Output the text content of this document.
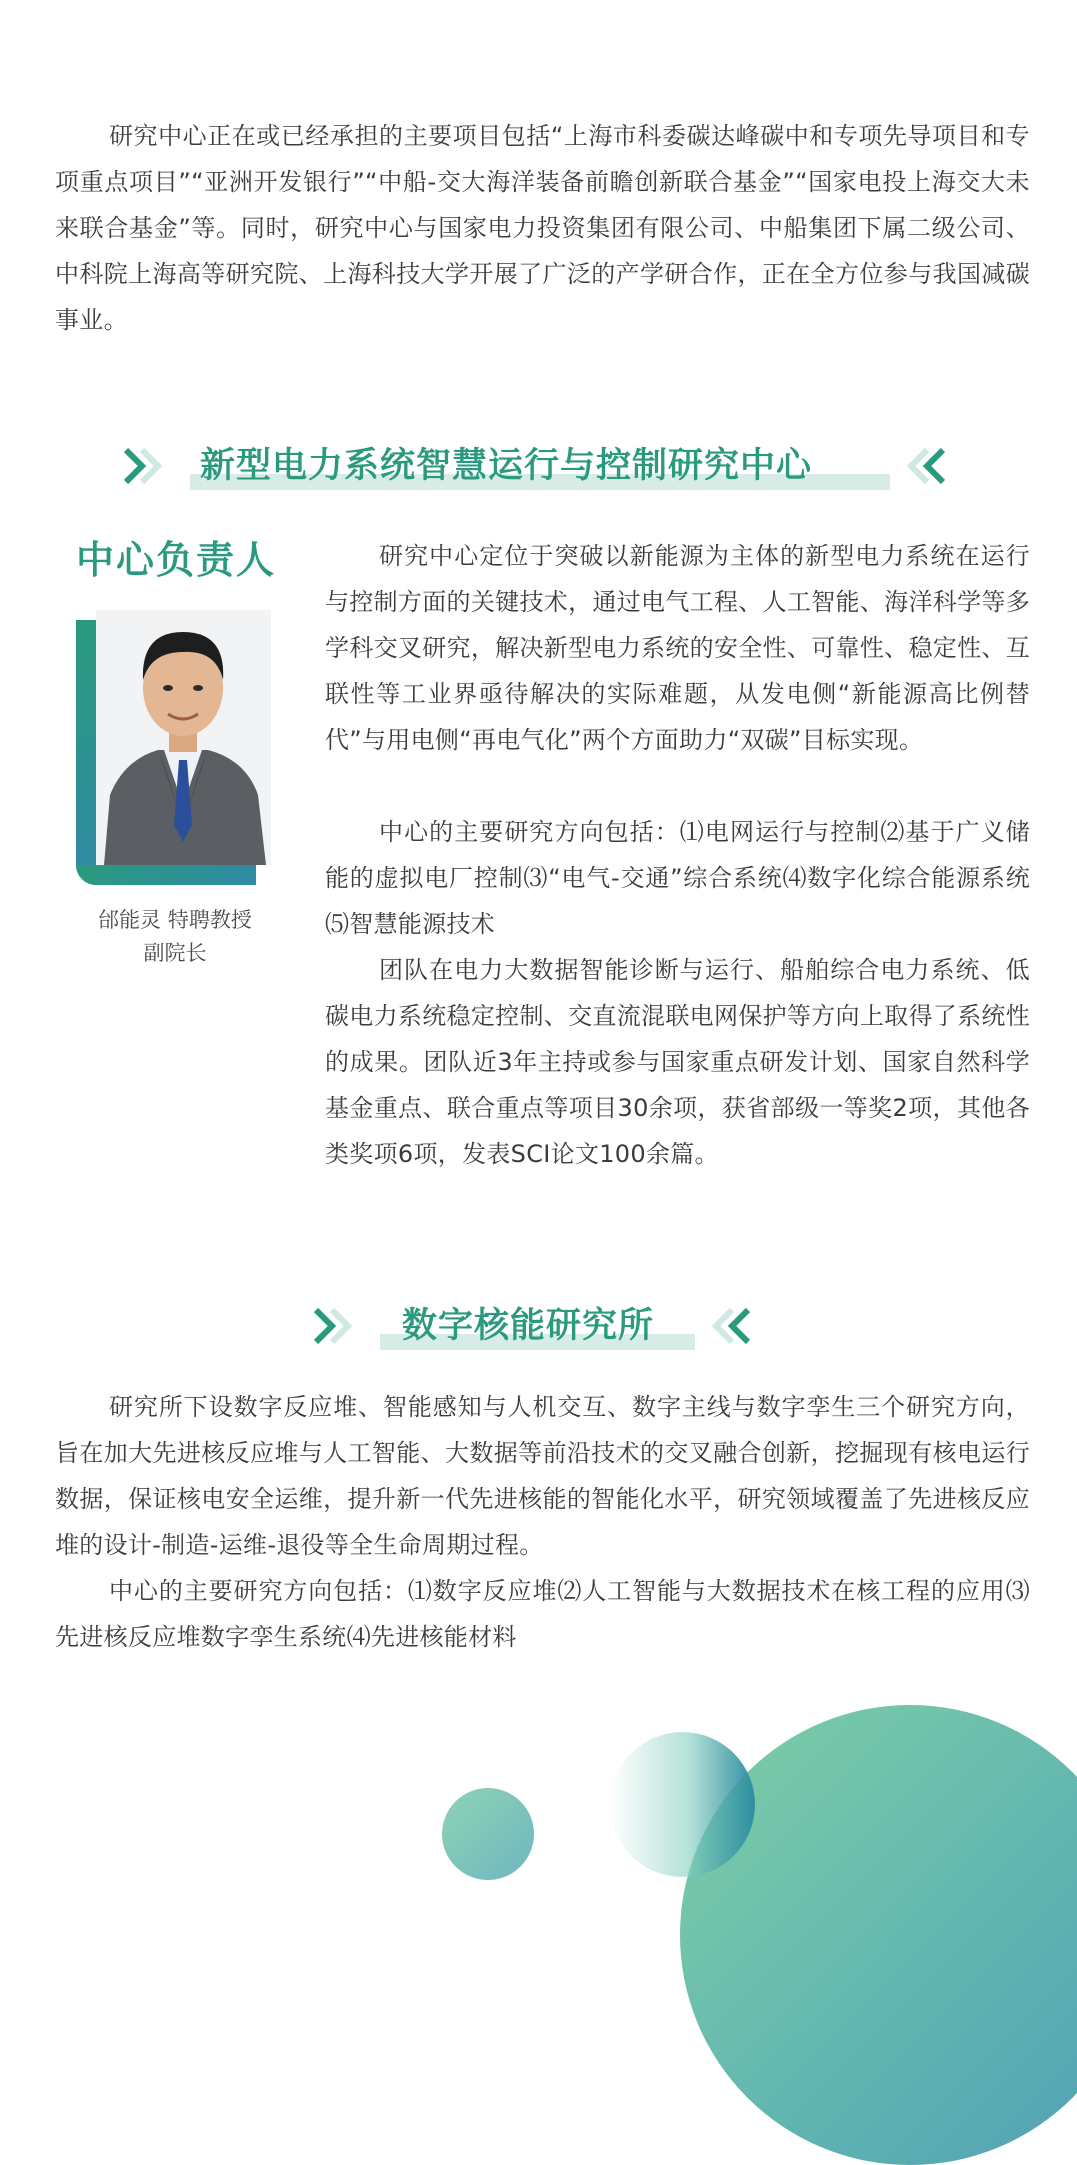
研究中心正在或已经承担的主要项目包括“上海市科委碳达峰碳中和专项先导项目和专项重点项目”“亚洲开发银行”“中船-交大海洋装备前瞻创新联合基金”“国家电投上海交大未来联合基金”等。同时，研究中心与国家电力投资集团有限公司、中船集团下属二级公司、中科院上海高等研究院、上海科技大学开展了广泛的产学研合作，正在全方位参与我国减碳事业。

新型电力系统智慧运行与控制研究中心
中心负责人
邰能灵 特聘教授
副院长

研究中心定位于突破以新能源为主体的新型电力系统在运行与控制方面的关键技术，通过电气工程、人工智能、海洋科学等多学科交叉研究，解决新型电力系统的安全性、可靠性、稳定性、互联性等工业界亟待解决的实际难题，从发电侧“新能源高比例替代”与用电侧“再电气化”两个方面助力“双碳”目标实现。

中心的主要研究方向包括：⑴电网运行与控制⑵基于广义储能的虚拟电厂控制⑶“电气-交通”综合系统⑷数字化综合能源系统⑸智慧能源技术

团队在电力大数据智能诊断与运行、船舶综合电力系统、低碳电力系统稳定控制、交直流混联电网保护等方向上取得了系统性的成果。团队近3年主持或参与国家重点研发计划、国家自然科学基金重点、联合重点等项目30余项，获省部级一等奖2项，其他各类奖项6项，发表SCI论文100余篇。

数字核能研究所

研究所下设数字反应堆、智能感知与人机交互、数字主线与数字孪生三个研究方向，旨在加大先进核反应堆与人工智能、大数据等前沿技术的交叉融合创新，挖掘现有核电运行数据，保证核电安全运维，提升新一代先进核能的智能化水平，研究领域覆盖了先进核反应堆的设计-制造-运维-退役等全生命周期过程。

中心的主要研究方向包括：⑴数字反应堆⑵人工智能与大数据技术在核工程的应用⑶先进核反应堆数字孪生系统⑷先进核能材料
